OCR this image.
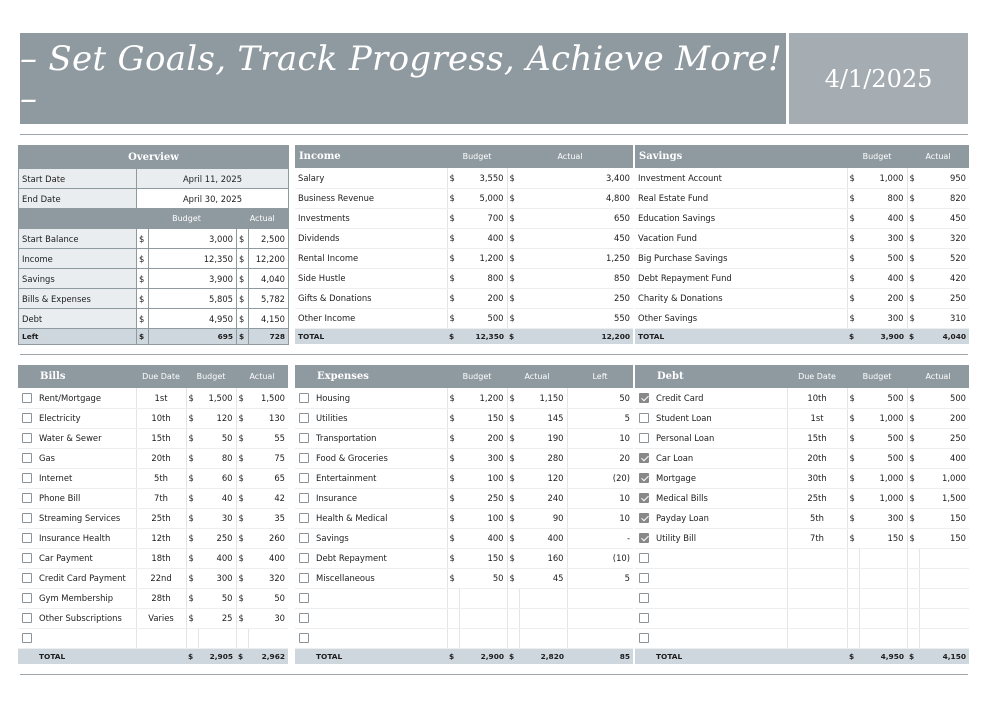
– Set Goals, Track Progress, Achieve More! –	4/1/2025
Overview				
Start Date	April 11, 2025			
End Date	April 30, 2025			
	Budget		Actual	
Start Balance	$	3,000	$	2,500
Income	$	12,350	$	12,200
Savings	$	3,900	$	4,040
Bills & Expenses	$	5,805	$	5,782
Debt	$	4,950	$	4,150
Left	$	695	$	728
Income	Budget		Actual	
Salary	$	3,550	$	3,400
Business Revenue	$	5,000	$	4,800
Investments	$	700	$	650
Dividends	$	400	$	450
Rental Income	$	1,200	$	1,250
Side Hustle	$	800	$	850
Gifts & Donations	$	200	$	250
Other Income	$	500	$	550
TOTAL	$	12,350	$	12,200
Savings	Budget		Actual	
Investment Account	$	1,000	$	950
Real Estate Fund	$	800	$	820
Education Savings	$	400	$	450
Vacation Fund	$	300	$	320
Big Purchase Savings	$	500	$	520
Debt Repayment Fund	$	400	$	420
Charity & Donations	$	200	$	250
Other Savings	$	300	$	310
TOTAL	$	3,900	$	4,040
	Bills	Due Date	Budget		Actual	
	Rent/Mortgage	1st	$	1,500	$	1,500
	Electricity	10th	$	120	$	130
	Water & Sewer	15th	$	50	$	55
	Gas	20th	$	80	$	75
	Internet	5th	$	60	$	65
	Phone Bill	7th	$	40	$	42
	Streaming Services	25th	$	30	$	35
	Insurance Health	12th	$	250	$	260
	Car Payment	18th	$	400	$	400
	Credit Card Payment	22nd	$	300	$	320
	Gym Membership	28th	$	50	$	50
	Other Subscriptions	Varies	$	25	$	30

	TOTAL		$	2,905	$	2,962
	Expenses	Budget		Actual		Left
	Housing	$	1,200	$	1,150	50
	Utilities	$	150	$	145	5
	Transportation	$	200	$	190	10
	Food & Groceries	$	300	$	280	20
	Entertainment	$	100	$	120	(20)
	Insurance	$	250	$	240	10
	Health & Medical	$	100	$	90	10
	Savings	$	400	$	400	-
	Debt Repayment	$	150	$	160	(10)
	Miscellaneous	$	50	$	45	5

	TOTAL	$	2,900	$	2,820	85
	Debt	Due Date	Budget		Actual	
	Credit Card	10th	$	500	$	500
	Student Loan	1st	$	1,000	$	200
	Personal Loan	15th	$	500	$	250
	Car Loan	20th	$	500	$	400
	Mortgage	30th	$	1,000	$	1,000
	Medical Bills	25th	$	1,000	$	1,500
	Payday Loan	5th	$	300	$	150
	Utility Bill	7th	$	150	$	150

	TOTAL		$	4,950	$	4,150
